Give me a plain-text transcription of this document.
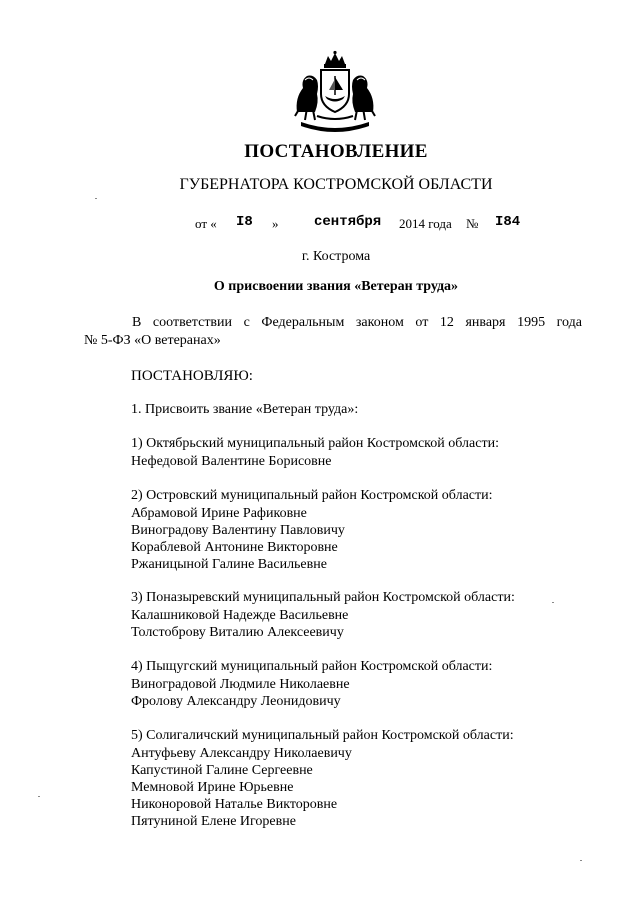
ПОСТАНОВЛЕНИЕ
ГУБЕРНАТОРА КОСТРОМСКОЙ ОБЛАСТИ
от « I8 »	сентября 2014 года № I84
г. Кострома
О присвоении звания «Ветеран труда»
В соответствии с Федеральным законом от 12 января 1995 года
№ 5-ФЗ «О ветеранах»
ПОСТАНОВЛЯЮ:
1. Присвоить звание «Ветеран труда»:
1) Октябрьский муниципальный район Костромской области:
Нефедовой Валентине Борисовне
2) Островский муниципальный район Костромской области:
Абрамовой Ирине Рафиковне
Виноградову Валентину Павловичу
Кораблевой Антонине Викторовне
Ржаницыной Галине Васильевне
3) Поназыревский муниципальный район Костромской области:
Калашниковой Надежде Васильевне
Толстоброву Виталию Алексеевичу
4) Пыщугский муниципальный район Костромской области:
Виноградовой Людмиле Николаевне
Фролову Александру Леонидовичу
5) Солигаличский муниципальный район Костромской области:
Антуфьеву Александру Николаевичу
Капустиной Галине Сергеевне
Мемновой Ирине Юрьевне
Никоноровой Наталье Викторовне
Пятуниной Елене Игоревне
